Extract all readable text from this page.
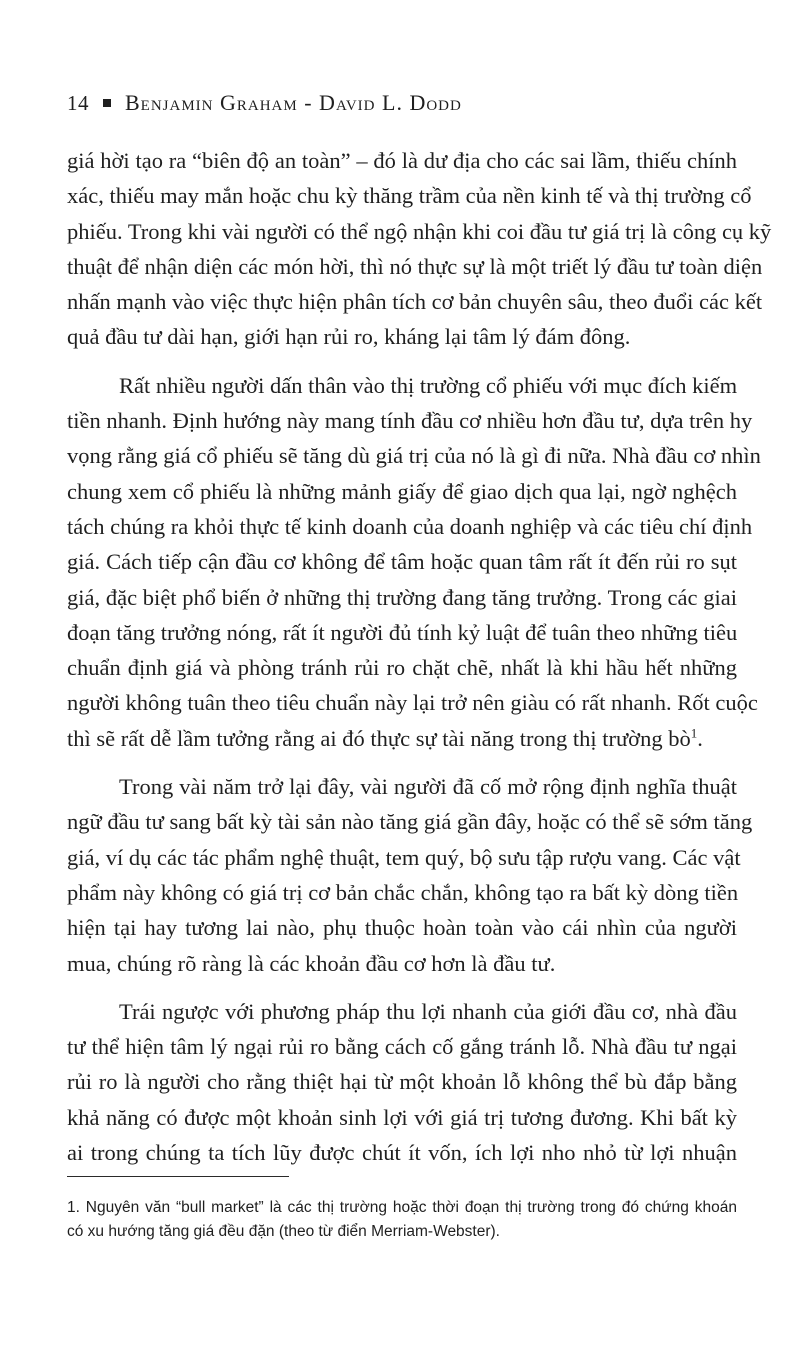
14 Benjamin Graham - David L. Dodd
giá hời tạo ra “biên độ an toàn” – đó là dư địa cho các sai lầm, thiếu chính
xác, thiếu may mắn hoặc chu kỳ thăng trầm của nền kinh tế và thị trường cổ
phiếu. Trong khi vài người có thể ngộ nhận khi coi đầu tư giá trị là công cụ kỹ
thuật để nhận diện các món hời, thì nó thực sự là một triết lý đầu tư toàn diện
nhấn mạnh vào việc thực hiện phân tích cơ bản chuyên sâu, theo đuổi các kết
quả đầu tư dài hạn, giới hạn rủi ro, kháng lại tâm lý đám đông.
Rất nhiều người dấn thân vào thị trường cổ phiếu với mục đích kiếm
tiền nhanh. Định hướng này mang tính đầu cơ nhiều hơn đầu tư, dựa trên hy
vọng rằng giá cổ phiếu sẽ tăng dù giá trị của nó là gì đi nữa. Nhà đầu cơ nhìn
chung xem cổ phiếu là những mảnh giấy để giao dịch qua lại, ngờ nghệch
tách chúng ra khỏi thực tế kinh doanh của doanh nghiệp và các tiêu chí định
giá. Cách tiếp cận đầu cơ không để tâm hoặc quan tâm rất ít đến rủi ro sụt
giá, đặc biệt phổ biến ở những thị trường đang tăng trưởng. Trong các giai
đoạn tăng trưởng nóng, rất ít người đủ tính kỷ luật để tuân theo những tiêu
chuẩn định giá và phòng tránh rủi ro chặt chẽ, nhất là khi hầu hết những
người không tuân theo tiêu chuẩn này lại trở nên giàu có rất nhanh. Rốt cuộc
thì sẽ rất dễ lầm tưởng rằng ai đó thực sự tài năng trong thị trường $bò^1$.
Trong vài năm trở lại đây, vài người đã cố mở rộng định nghĩa thuật
ngữ đầu tư sang bất kỳ tài sản nào tăng giá gần đây, hoặc có thể sẽ sớm tăng
giá, ví dụ các tác phẩm nghệ thuật, tem quý, bộ sưu tập rượu vang. Các vật
phẩm này không có giá trị cơ bản chắc chắn, không tạo ra bất kỳ dòng tiền
hiện tại hay tương lai nào, phụ thuộc hoàn toàn vào cái nhìn của người
mua, chúng rõ ràng là các khoản đầu cơ hơn là đầu tư.
Trái ngược với phương pháp thu lợi nhanh của giới đầu cơ, nhà đầu
tư thể hiện tâm lý ngại rủi ro bằng cách cố gắng tránh lỗ. Nhà đầu tư ngại
rủi ro là người cho rằng thiệt hại từ một khoản lỗ không thể bù đắp bằng
khả năng có được một khoản sinh lợi với giá trị tương đương. Khi bất kỳ
ai trong chúng ta tích lũy được chút ít vốn, ích lợi nho nhỏ từ lợi nhuận
1. Nguyên văn “bull market” là các thị trường hoặc thời đoạn thị trường trong đó chứng khoán
có xu hướng tăng giá đều đặn (theo từ điển Merriam-Webster).
